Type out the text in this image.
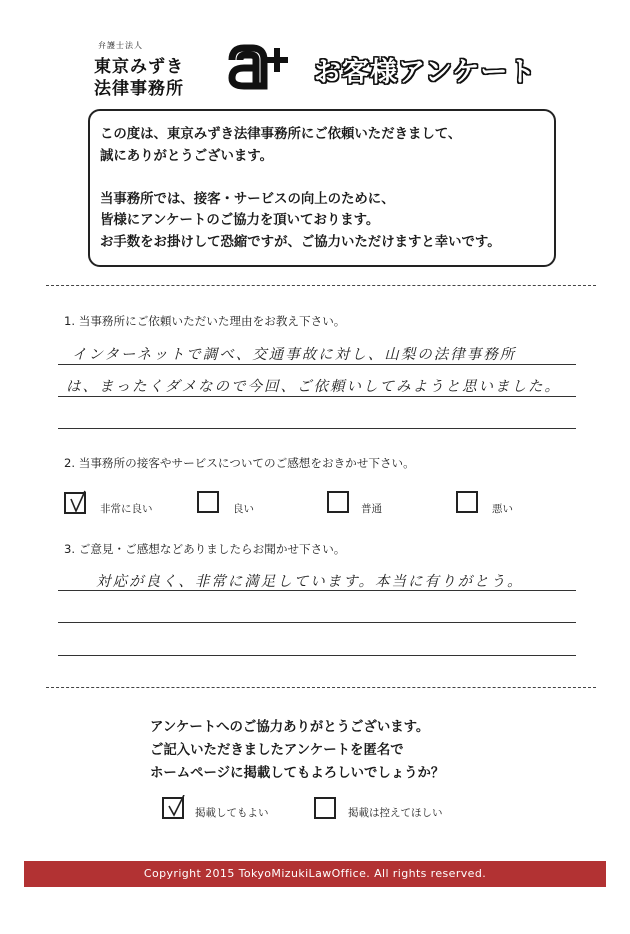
弁護士法人
東京みずき
法律事務所
お客様アンケート
この度は、東京みずき法律事務所にご依頼いただきまして、
誠にありがとうございます。
当事務所では、接客・サービスの向上のために、
皆様にアンケートのご協力を頂いております。
お手数をお掛けして恐縮ですが、ご協力いただけますと幸いです。
1. 当事務所にご依頼いただいた理由をお教え下さい。
インターネットで調べ、交通事故に対し、山梨の法律事務所
は、まったくダメなので今回、ご依頼いしてみようと思いました。
2. 当事務所の接客やサービスについてのご感想をおきかせ下さい。
非常に良い	良い	普通	悪い
3. ご意見・ご感想などありましたらお聞かせ下さい。
対応が良く、非常に満足しています。本当に有りがとう。
アンケートへのご協力ありがとうございます。
ご記入いただきましたアンケートを匿名で
ホームページに掲載してもよろしいでしょうか？
掲載してもよい	掲載は控えてほしい
Copyright 2015 TokyoMizukiLawOffice. All rights reserved.
